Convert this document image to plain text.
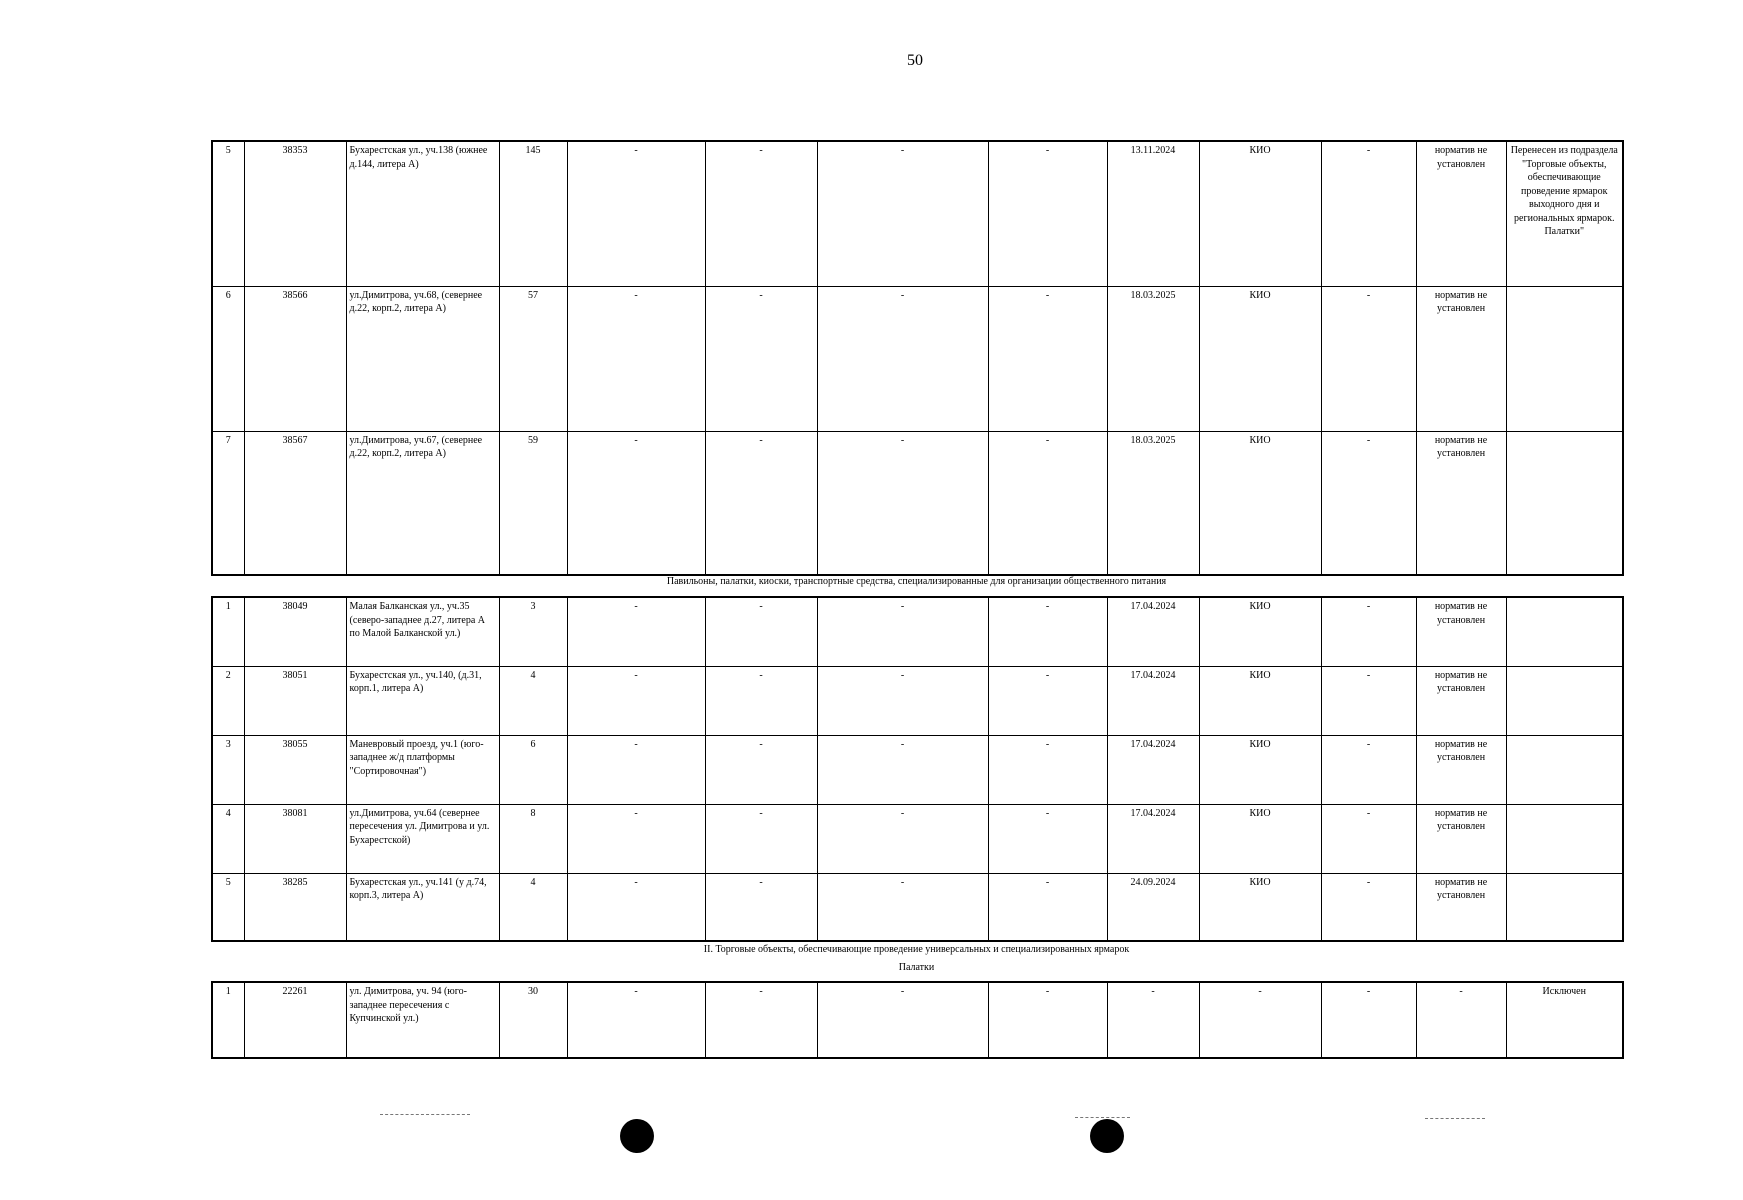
50
5	38353	Бухарестская ул., уч.138 (южнее д.144, литера А)	145	-	-	-	-	13.11.2024	КИО	-	норматив не установлен	Перенесен из подраздела "Торговые объекты, обеспечивающие проведение ярмарок выходного дня и региональных ярмарок. Палатки"
6	38566	ул.Димитрова, уч.68, (севернее д.22, корп.2, литера А)	57	-	-	-	-	18.03.2025	КИО	-	норматив не установлен	
7	38567	ул.Димитрова, уч.67, (севернее д.22, корп.2, литера А)	59	-	-	-	-	18.03.2025	КИО	-	норматив не установлен	
Павильоны, палатки, киоски, транспортные средства, специализированные для организации общественного питания
1	38049	Малая Балканская ул., уч.35 (северо-западнее д.27, литера А по Малой Балканской ул.)	3	-	-	-	-	17.04.2024	КИО	-	норматив не установлен	
2	38051	Бухарестская ул., уч.140, (д.31, корп.1, литера А)	4	-	-	-	-	17.04.2024	КИО	-	норматив не установлен	
3	38055	Маневровый проезд, уч.1 (юго-западнее ж/д платформы "Сортировочная")	6	-	-	-	-	17.04.2024	КИО	-	норматив не установлен	
4	38081	ул.Димитрова, уч.64 (севернее пересечения ул. Димитрова и ул. Бухарестской)	8	-	-	-	-	17.04.2024	КИО	-	норматив не установлен	
5	38285	Бухарестская ул., уч.141 (у д.74, корп.3, литера А)	4	-	-	-	-	24.09.2024	КИО	-	норматив не установлен	
II. Торговые объекты, обеспечивающие проведение универсальных и специализированных ярмарок
Палатки
1	22261	ул. Димитрова, уч. 94 (юго-западнее пересечения с Купчинской ул.)	30	-	-	-	-	-	-	-	-	Исключен
